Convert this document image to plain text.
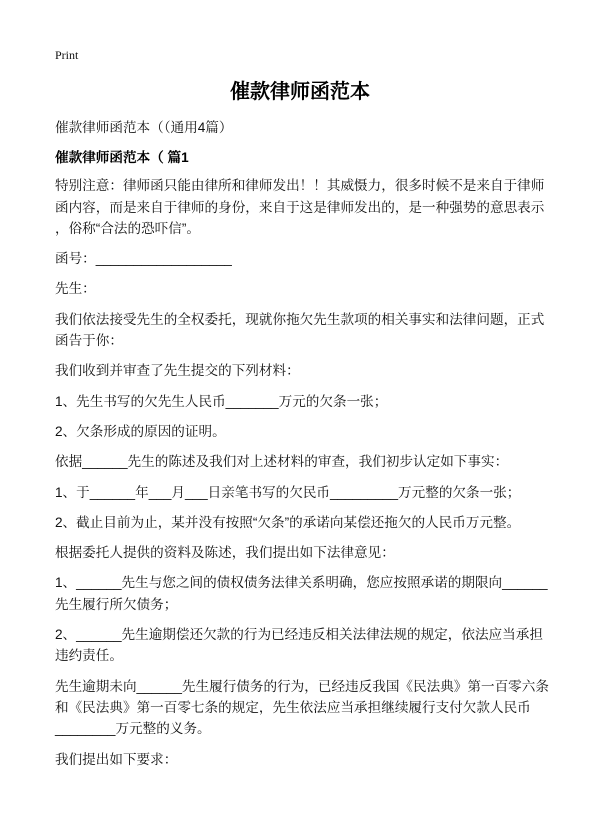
Print
催款律师函范本

催款律师函范本（（通用4篇）

催款律师函范本（ 篇1

特别注意：律师函只能由律所和律师发出！！其威慑力，很多时候不是来自于律师
函内容，而是来自于律师的身份，来自于这是律师发出的，是一种强势的意思表示
，俗称“合法的恐吓信”。

函号：__________________

先生：

我们依法接受先生的全权委托，现就你拖欠先生款项的相关事实和法律问题，正式
函告于你：

我们收到并审查了先生提交的下列材料：

1、先生书写的欠先生人民币_______万元的欠条一张；

2、欠条形成的原因的证明。

依据______先生的陈述及我们对上述材料的审查，我们初步认定如下事实：

1、于______年___月___日亲笔书写的欠民币_________万元整的欠条一张；

2、截止目前为止，某并没有按照“欠条”的承诺向某偿还拖欠的人民币万元整。

根据委托人提供的资料及陈述，我们提出如下法律意见：

1、______先生与您之间的债权债务法律关系明确，您应按照承诺的期限向______
先生履行所欠债务；

2、______先生逾期偿还欠款的行为已经违反相关法律法规的规定，依法应当承担
违约责任。

先生逾期未向______先生履行债务的行为，已经违反我国《民法典》第一百零六条
和《民法典》第一百零七条的规定，先生依法应当承担继续履行支付欠款人民币
________万元整的义务。

我们提出如下要求：
